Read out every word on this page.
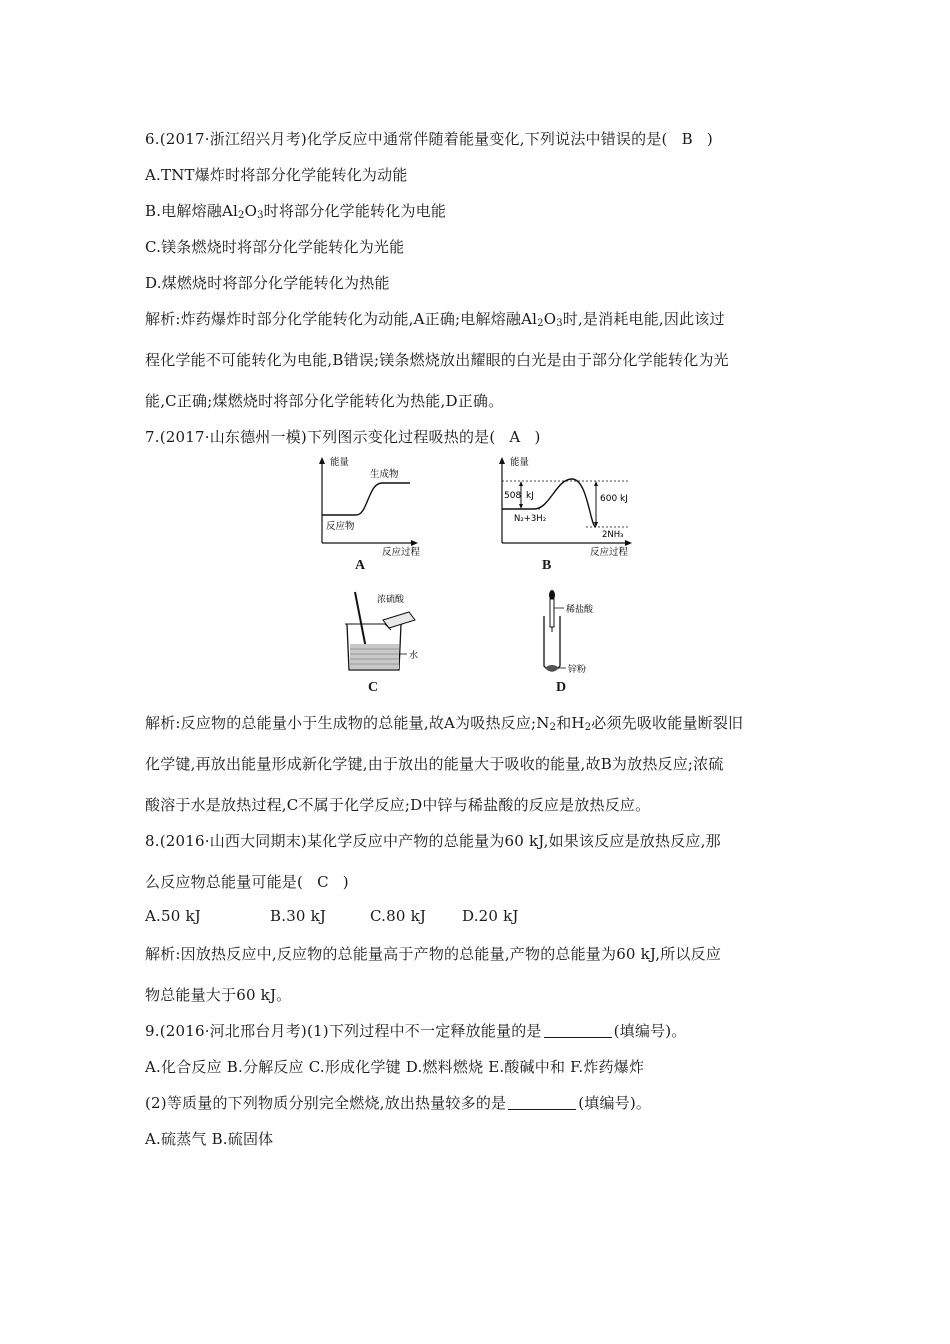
6.(2017·浙江绍兴月考)化学反应中通常伴随着能量变化,下列说法中错误的是( B )
A.TNT爆炸时将部分化学能转化为动能
B.电解熔融$Al_2O_3$时将部分化学能转化为电能
C.镁条燃烧时将部分化学能转化为光能
D.煤燃烧时将部分化学能转化为热能
解析:炸药爆炸时部分化学能转化为动能,A正确;电解熔融$Al_2O_3$时,是消耗电能,因此该过
程化学能不可能转化为电能,B错误;镁条燃烧放出耀眼的白光是由于部分化学能转化为光
能,C正确;煤燃烧时将部分化学能转化为热能,D正确。
7.(2017·山东德州一模)下列图示变化过程吸热的是( A )
能量
生成物
反应物
反应过程
A
能量
508 kJ	600 kJ
N₂+3H₂
2NH₃
反应过程
B
浓硫酸
水
C
稀盐酸
锌粉
D
解析:反应物的总能量小于生成物的总能量,故A为吸热反应$;N_2$和$H_2$必须先吸收能量断裂旧
化学键,再放出能量形成新化学键,由于放出的能量大于吸收的能量,故B为放热反应;浓硫
酸溶于水是放热过程,C不属于化学反应;D中锌与稀盐酸的反应是放热反应。
8.(2016·山西大同期末)某化学反应中产物的总能量为60 kJ,如果该反应是放热反应,那
么反应物总能量可能是( C )
A.50 kJ	B.30 kJ	C.80 kJ D.20 kJ
解析:因放热反应中,反应物的总能量高于产物的总能量,产物的总能量为60 kJ,所以反应
物总能量大于60 kJ。
9.(2016·河北邢台月考)(1)下列过程中不一定释放能量的是	(填编号)。
A.化合反应 B.分解反应 C.形成化学键 D.燃料燃烧 E.酸碱中和 F.炸药爆炸
(2)等质量的下列物质分别完全燃烧,放出热量较多的是	(填编号)。
A.硫蒸气 B.硫固体
